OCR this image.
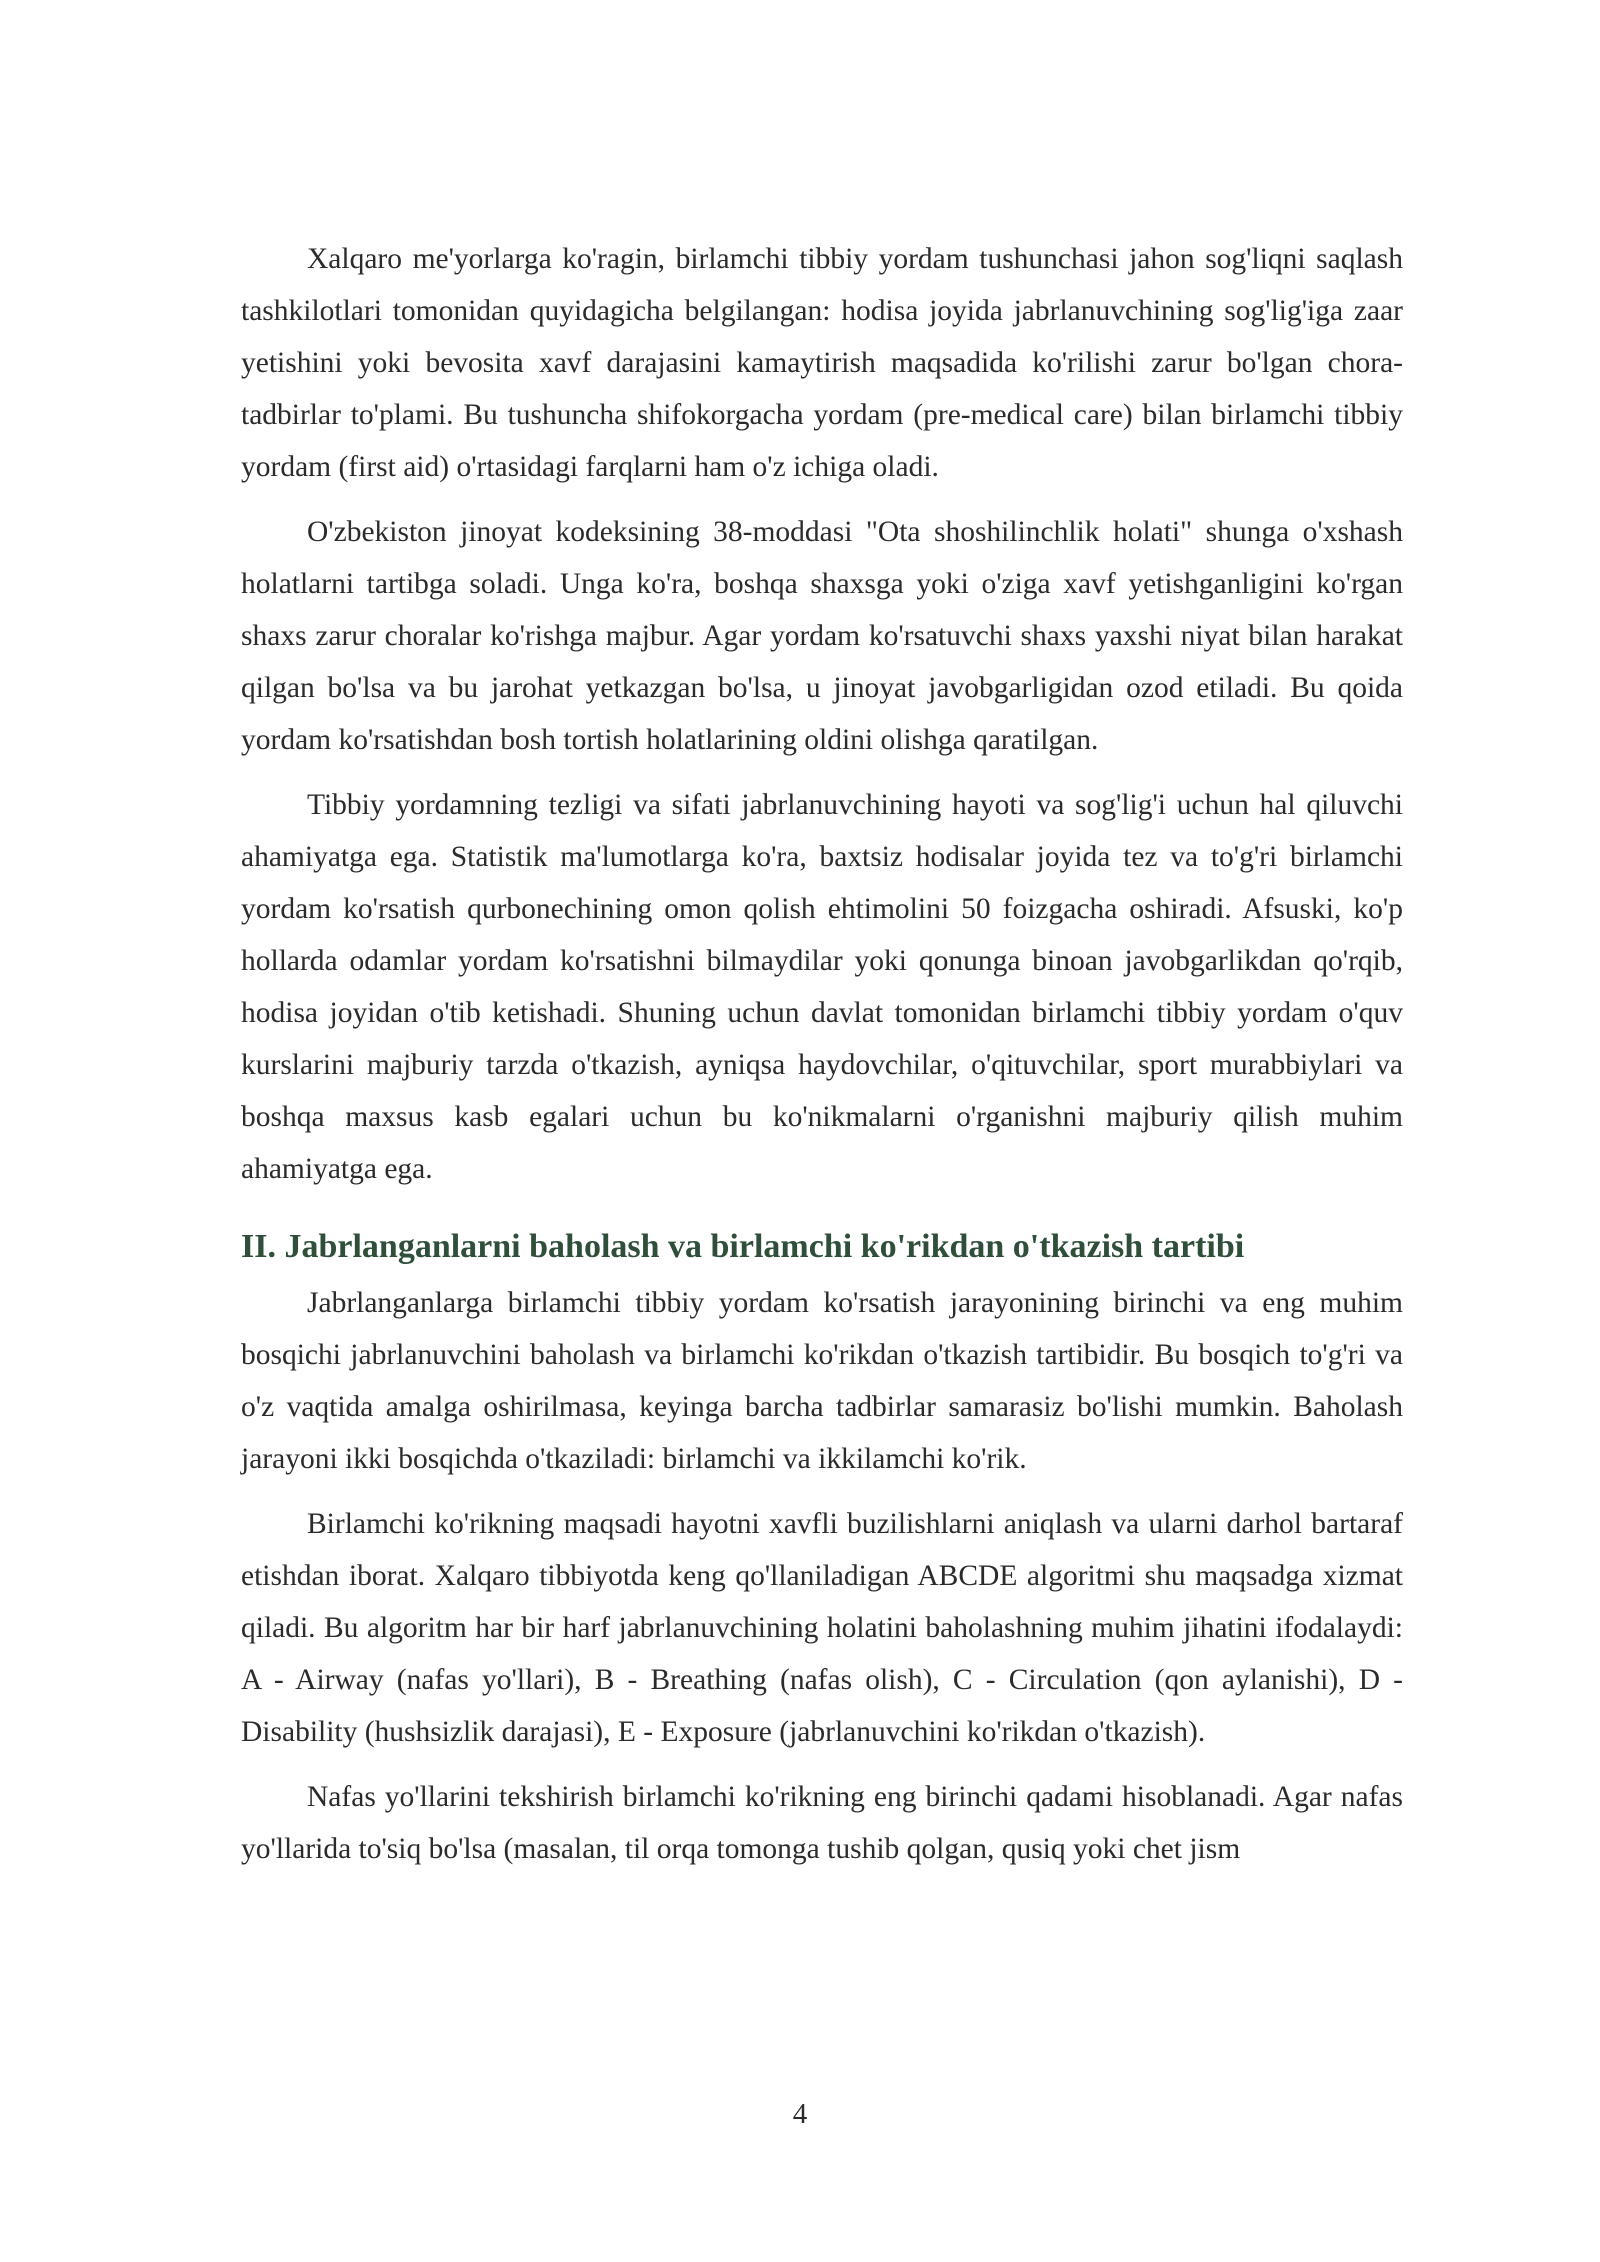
Xalqaro me'yorlarga ko'ragin, birlamchi tibbiy yordam tushunchasi jahon sog'liqni saqlash tashkilotlari tomonidan quyidagicha belgilangan: hodisa joyida jabrlanuvchining sog'lig'iga zaar yetishini yoki bevosita xavf darajasini kamaytirish maqsadida ko'rilishi zarur bo'lgan chora-tadbirlar to'plami. Bu tushuncha shifokorgacha yordam (pre-medical care) bilan birlamchi tibbiy yordam (first aid) o'rtasidagi farqlarni ham o'z ichiga oladi.

O'zbekiston jinoyat kodeksining 38-moddasi "Ota shoshilinchlik holati" shunga o'xshash holatlarni tartibga soladi. Unga ko'ra, boshqa shaxsga yoki o'ziga xavf yetishganligini ko'rgan shaxs zarur choralar ko'rishga majbur. Agar yordam ko'rsatuvchi shaxs yaxshi niyat bilan harakat qilgan bo'lsa va bu jarohat yetkazgan bo'lsa, u jinoyat javobgarligidan ozod etiladi. Bu qoida yordam ko'rsatishdan bosh tortish holatlarining oldini olishga qaratilgan.

Tibbiy yordamning tezligi va sifati jabrlanuvchining hayoti va sog'lig'i uchun hal qiluvchi ahamiyatga ega. Statistik ma'lumotlarga ko'ra, baxtsiz hodisalar joyida tez va to'g'ri birlamchi yordam ko'rsatish qurbonechining omon qolish ehtimolini 50 foizgacha oshiradi. Afsuski, ko'p hollarda odamlar yordam ko'rsatishni bilmaydilar yoki qonunga binoan javobgarlikdan qo'rqib, hodisa joyidan o'tib ketishadi. Shuning uchun davlat tomonidan birlamchi tibbiy yordam o'quv kurslarini majburiy tarzda o'tkazish, ayniqsa haydovchilar, o'qituvchilar, sport murabbiylari va boshqa maxsus kasb egalari uchun bu ko'nikmalarni o'rganishni majburiy qilish muhim ahamiyatga ega.

II. Jabrlanganlarni baholash va birlamchi ko'rikdan o'tkazish tartibi

Jabrlanganlarga birlamchi tibbiy yordam ko'rsatish jarayonining birinchi va eng muhim bosqichi jabrlanuvchini baholash va birlamchi ko'rikdan o'tkazish tartibidir. Bu bosqich to'g'ri va o'z vaqtida amalga oshirilmasa, keyinga barcha tadbirlar samarasiz bo'lishi mumkin. Baholash jarayoni ikki bosqichda o'tkaziladi: birlamchi va ikkilamchi ko'rik.

Birlamchi ko'rikning maqsadi hayotni xavfli buzilishlarni aniqlash va ularni darhol bartaraf etishdan iborat. Xalqaro tibbiyotda keng qo'llaniladigan ABCDE algoritmi shu maqsadga xizmat qiladi. Bu algoritm har bir harf jabrlanuvchining holatini baholashning muhim jihatini ifodalaydi: A - Airway (nafas yo'llari), B - Breathing (nafas olish), C - Circulation (qon aylanishi), D - Disability (hushsizlik darajasi), E - Exposure (jabrlanuvchini ko'rikdan o'tkazish).

Nafas yo'llarini tekshirish birlamchi ko'rikning eng birinchi qadami hisoblanadi. Agar nafas yo'llarida to'siq bo'lsa (masalan, til orqa tomonga tushib qolgan, qusiq yoki chet jism

4
